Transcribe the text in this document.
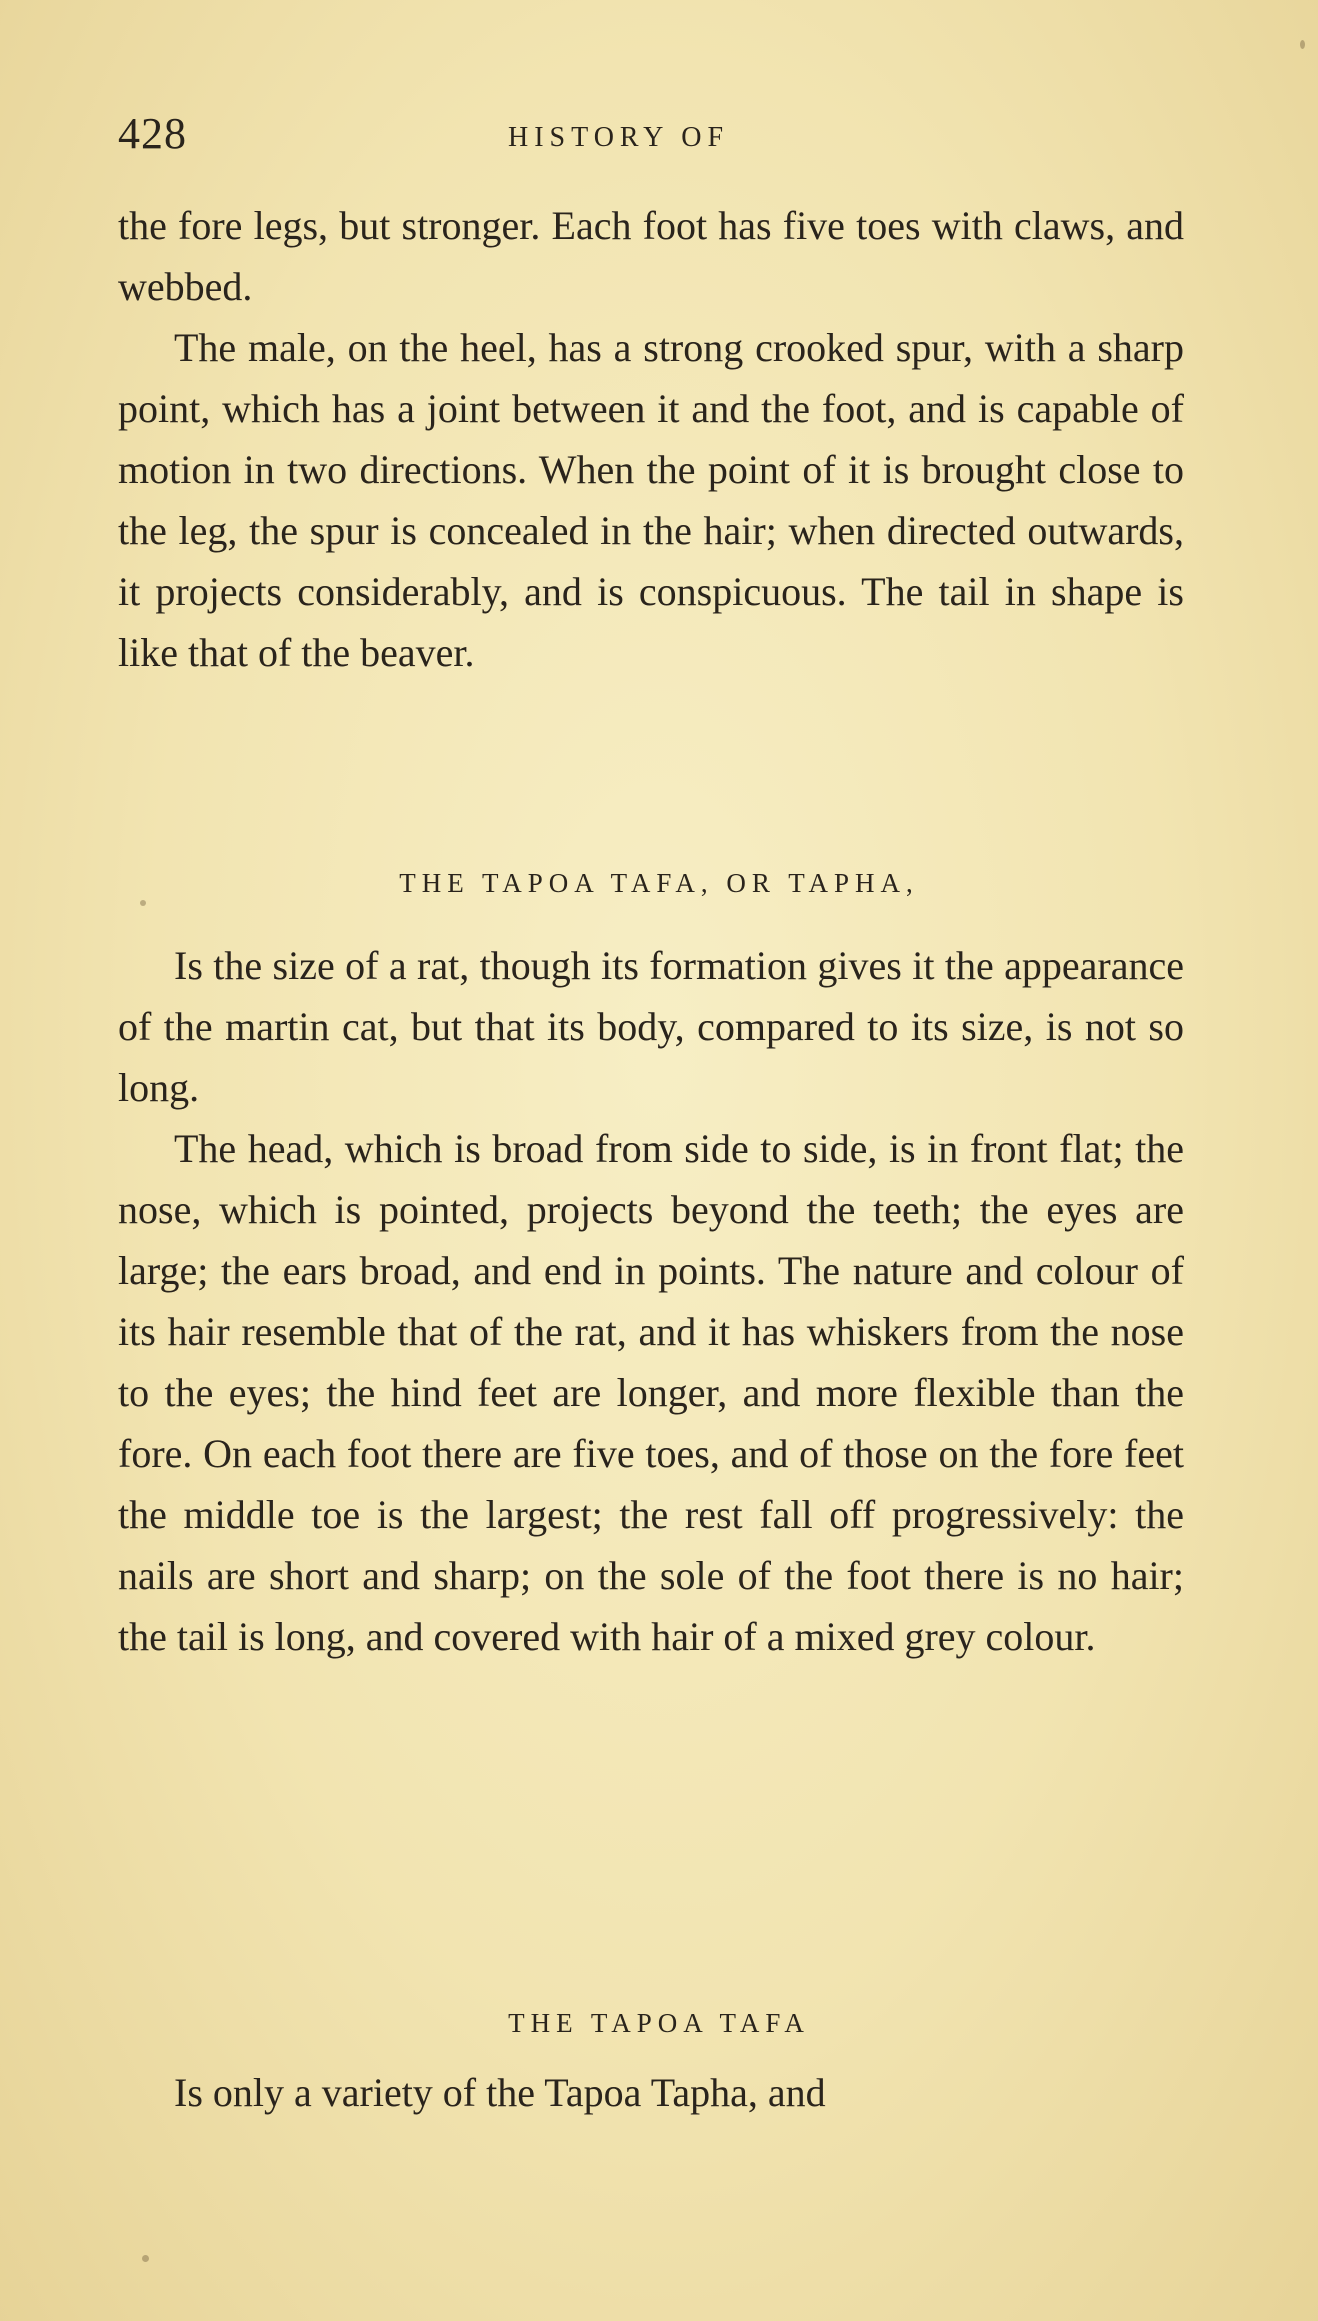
428	HISTORY OF

the fore legs, but stronger. Each foot has five toes with claws, and webbed.

The male, on the heel, has a strong crooked spur, with a sharp point, which has a joint between it and the foot, and is capable of motion in two directions. When the point of it is brought close to the leg, the spur is concealed in the hair; when directed outwards, it projects considerably, and is conspicuous. The tail in shape is like that of the beaver.

THE TAPOA TAFA, OR TAPHA,

Is the size of a rat, though its formation gives it the appearance of the martin cat, but that its body, compared to its size, is not so long.

The head, which is broad from side to side, is in front flat; the nose, which is pointed, projects beyond the teeth; the eyes are large; the ears broad, and end in points. The nature and colour of its hair resemble that of the rat, and it has whiskers from the nose to the eyes; the hind feet are longer, and more flexible than the fore. On each foot there are five toes, and of those on the fore feet the middle toe is the largest; the rest fall off progressively: the nails are short and sharp; on the sole of the foot there is no hair; the tail is long, and covered with hair of a mixed grey colour.

THE TAPOA TAFA

Is only a variety of the Tapoa Tapha, and
